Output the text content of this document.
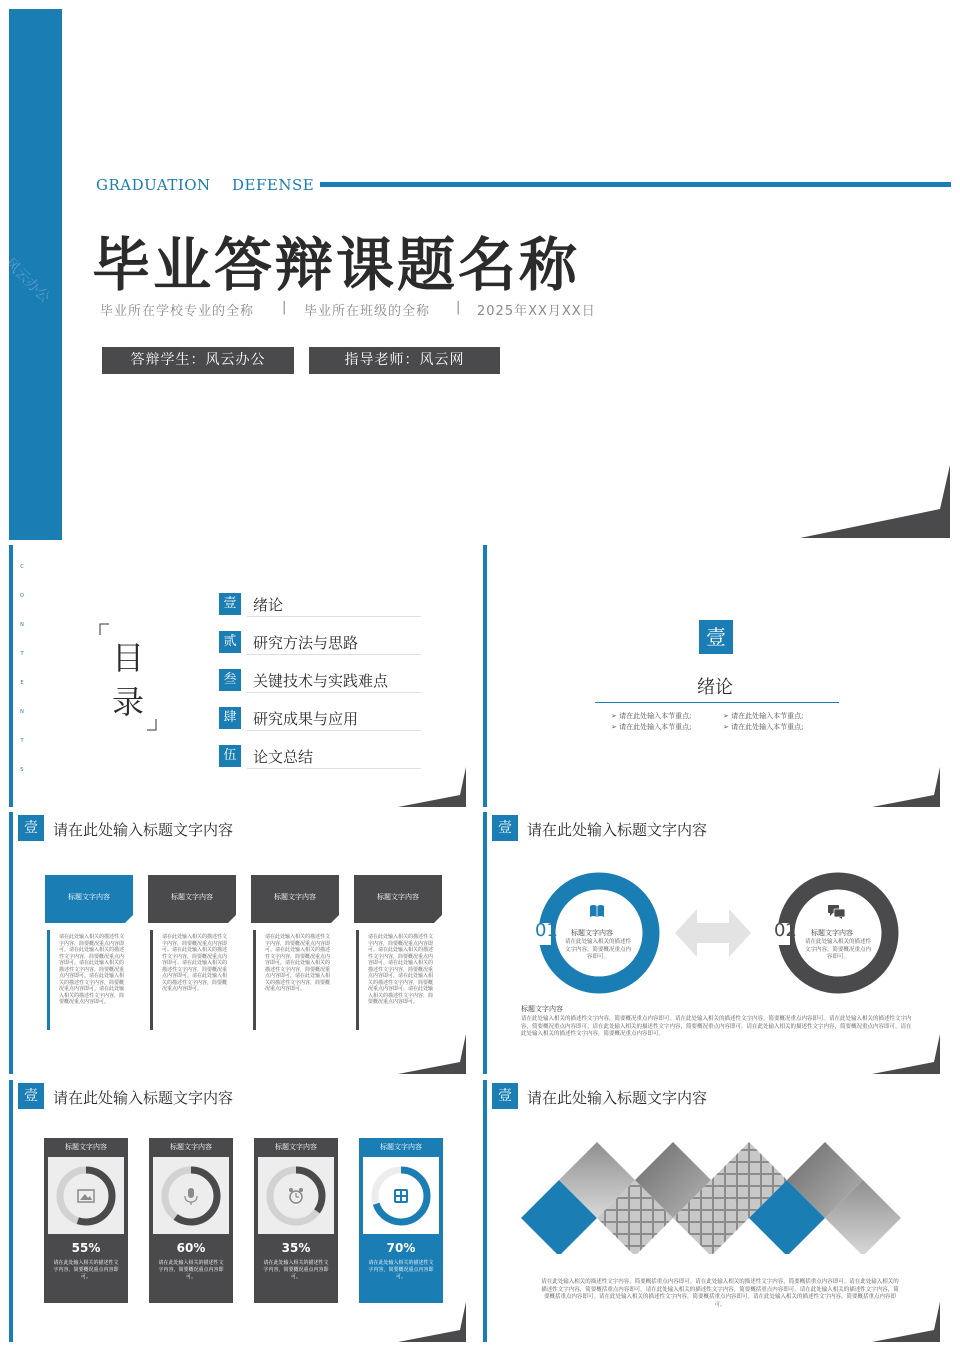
风云办公
GRADUATION DEFENSE
毕业答辩课题名称
毕业所在学校专业的全称 | 毕业所在班级的全称 | 2025年XX月XX日
答辩学生：风云办公	指导老师：风云网
C
O
N
T
E
N
T
S
目
录
壹	绪论
贰	研究方法与思路
叁	关键技术与实践难点
肆	研究成果与应用
伍	论文总结
壹
绪论
➢ 请在此处输入本节重点;
➢ 请在此处输入本节重点;
➢ 请在此处输入本节重点;
➢ 请在此处输入本节重点;
壹	请在此处输入标题文字内容
标题文字内容
请在此处输入相关的描述性文字内容，简要概况重点内容即可。请在此处输入相关的描述性文字内容，简要概况重点内容即可。请在此处输入相关的描述性文字内容，简要概况重点内容即可。请在此处输入相关的描述性文字内容，简要概况重点内容即可。请在此处输入相关的描述性文字内容，简要概况重点内容即可。
标题文字内容
请在此处输入相关的描述性文字内容，简要概况重点内容即可。请在此处输入相关的描述性文字内容，简要概况重点内容即可。请在此处输入相关的描述性文字内容，简要概况重点内容即可。请在此处输入相关的描述性文字内容，简要概况重点内容即可。
标题文字内容
请在此处输入相关的描述性文字内容，简要概况重点内容即可。请在此处输入相关的描述性文字内容，简要概况重点内容即可。请在此处输入相关的描述性文字内容，简要概况重点内容即可。请在此处输入相关的描述性文字内容，简要概况重点内容即可。
标题文字内容
请在此处输入相关的描述性文字内容，简要概况重点内容即可。请在此处输入相关的描述性文字内容，简要概况重点内容即可。请在此处输入相关的描述性文字内容，简要概况重点内容即可。请在此处输入相关的描述性文字内容，简要概况重点内容即可。请在此处输入相关的描述性文字内容，简要概况重点内容即可。
4
壹	请在此处输入标题文字内容
01 标题文字内容
请在此处输入相关的描述性文字内容，简要概况重点内容即可。
02 标题文字内容
请在此处输入相关的描述性文字内容，简要概况重点内容即可。
标题文字内容
请在此处输入相关的描述性文字内容，简要概况重点内容即可。请在此处输入相关的描述性文字内容，简要概况重点内容即可。请在此处输入相关的描述性文字内容，简要概况重点内容即可。请在此处输入相关的描述性文字内容，简要概况重点内容即可。请在此处输入相关的描述性文字内容，简要概况重点内容即可。请在此处输入相关的描述性文字内容，简要概况重点内容即可。
5
壹	请在此处输入标题文字内容
标题文字内容
55%
请在此处输入相关的描述性文字内容，简要概况重点内容即可。
标题文字内容
60%
请在此处输入相关的描述性文字内容，简要概况重点内容即可。
标题文字内容
35%
请在此处输入相关的描述性文字内容，简要概况重点内容即可。
标题文字内容
70%
请在此处输入相关的描述性文字内容，简要概况重点内容即可。
6
壹	请在此处输入标题文字内容
请在此处输入相关的描述性文字内容，简要概括重点内容即可。请在此处输入相关的描述性文字内容，简要概括重点内容即可。请在此处输入相关的描述性文字内容，简要概括重点内容即可。请在此处输入相关的描述性文字内容，简要概括重点内容即可。请在此处输入相关的描述性文字内容，简要概括重点内容即可。请在此处输入相关的描述性文字内容，简要概括重点内容即可。请在此处输入相关的描述性文字内容，简要概括重点内容即可。
7
